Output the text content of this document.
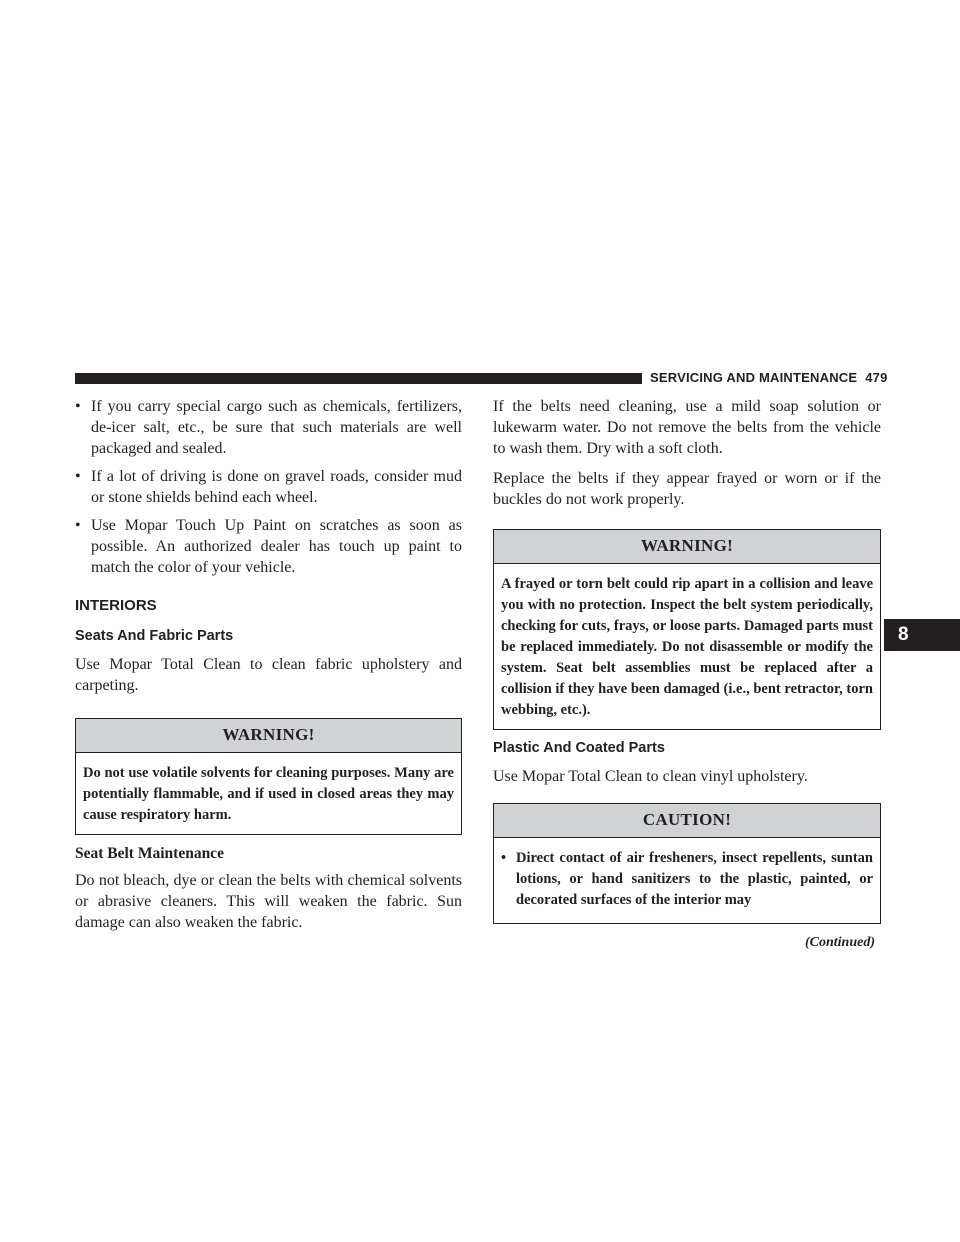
SERVICING AND MAINTENANCE 479
8
• If you carry special cargo such as chemicals, fertilizers, de-icer salt, etc., be sure that such materials are well packaged and sealed.
• If a lot of driving is done on gravel roads, consider mud or stone shields behind each wheel.
• Use Mopar Touch Up Paint on scratches as soon as possible. An authorized dealer has touch up paint to match the color of your vehicle.
INTERIORS
Seats And Fabric Parts

Use Mopar Total Clean to clean fabric upholstery and carpeting.

WARNING!
Do not use volatile solvents for cleaning purposes. Many are potentially flammable, and if used in closed areas they may cause respiratory harm.
Seat Belt Maintenance

Do not bleach, dye or clean the belts with chemical solvents or abrasive cleaners. This will weaken the fabric. Sun damage can also weaken the fabric.

If the belts need cleaning, use a mild soap solution or lukewarm water. Do not remove the belts from the vehicle to wash them. Dry with a soft cloth.

Replace the belts if they appear frayed or worn or if the buckles do not work properly.

WARNING!
A frayed or torn belt could rip apart in a collision and leave you with no protection. Inspect the belt system periodically, checking for cuts, frays, or loose parts. Damaged parts must be replaced immediately. Do not disassemble or modify the system. Seat belt assemblies must be replaced after a collision if they have been damaged (i.e., bent retractor, torn webbing, etc.).
Plastic And Coated Parts

Use Mopar Total Clean to clean vinyl upholstery.

CAUTION!
• Direct contact of air fresheners, insect repellents, suntan lotions, or hand sanitizers to the plastic, painted, or decorated surfaces of the interior may
(Continued)
